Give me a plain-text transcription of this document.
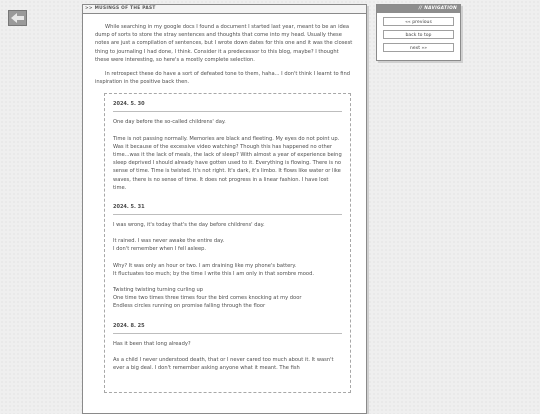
>> MUSINGS OF THE PAST

While searching in my google docs I found a document I started last year, meant to be an idea dump of sorts to store the stray sentences and thoughts that come into my head. Usually these notes are just a compilation of sentences, but I wrote down dates for this one and it was the closest thing to journaling I had done, I think. Consider it a predecessor to this blog, maybe? I thought these were interesting, so here's a mostly complete selection.

In retrospect these do have a sort of defeated tone to them, haha... I don't think I learnt to find inspiration in the positive back then.

2024. 5. 30

One day before the so-called childrens' day.

Time is not passing normally. Memories are black and fleeting. My eyes do not point up. Was it because of the excessive video watching? Though this has happened no other time...was it the lack of meals, the lack of sleep? With almost a year of experience being sleep deprived I should already have gotten used to it. Everything is flowing. There is no sense of time. Time is twisted. It's not right. It's dark, it's limbo. It flows like water or like waves, there is no sense of time. It does not progress in a linear fashion. I have lost time.

2024. 5. 31

I was wrong, it's today that's the day before childrens' day.

It rained. I was never awake the entire day.
I don't remember when I fell asleep.

Why? It was only an hour or two. I am draining like my phone's battery.
It fluctuates too much; by the time I write this I am only in that sombre mood.

Twisting twisting turning curling up
One time two times three times four the bird comes knocking at my door
Endless circles running on promise falling through the floor

2024. 8. 25

Has it been that long already?

As a child I never understood death, that or I never cared too much about it. It wasn't ever a big deal. I don't remember asking anyone what it meant. The fish

// NAVIGATION
«« previous
back to top
next »»
